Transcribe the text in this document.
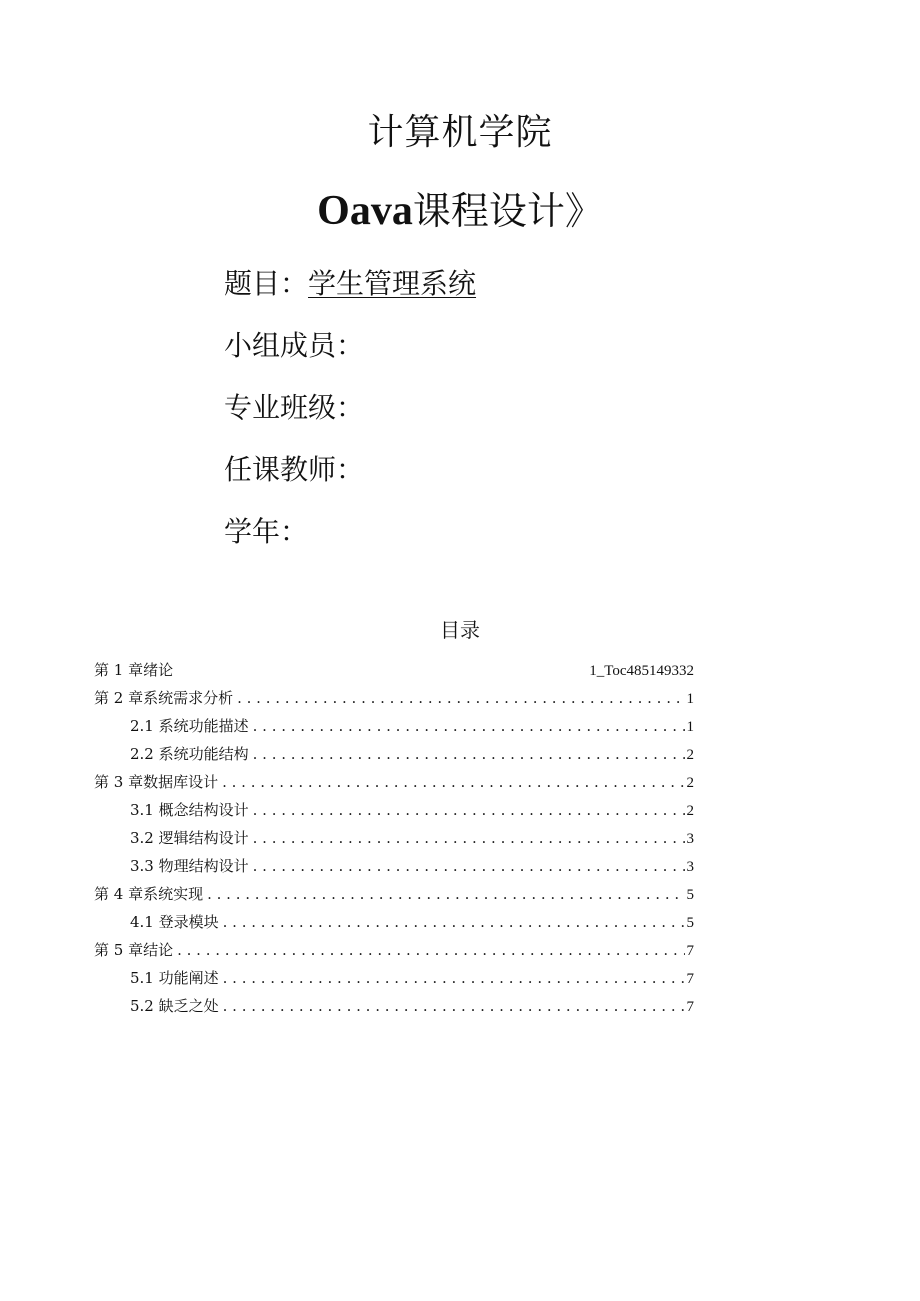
计算机学院
Oava课程设计》
题目：学生管理系统
小组成员：
专业班级：
任课教师：
学年：
目录
第 1 章绪论	1_Toc485149332
第 2 章系统需求分析 . . .	1
2.1 系统功能描述 . . .	1
2.2 系统功能结构 . . .	2
第 3 章数据库设计 . . .	2
3.1 概念结构设计 . . .	2
3.2 逻辑结构设计 . . .	3
3.3 物理结构设计 . . .	3
第 4 章系统实现 . . .	5
4.1 登录模块 . . .	5
第 5 章结论 . . .	7
5.1 功能阐述 . . .	7
5.2 缺乏之处 . . .	7
